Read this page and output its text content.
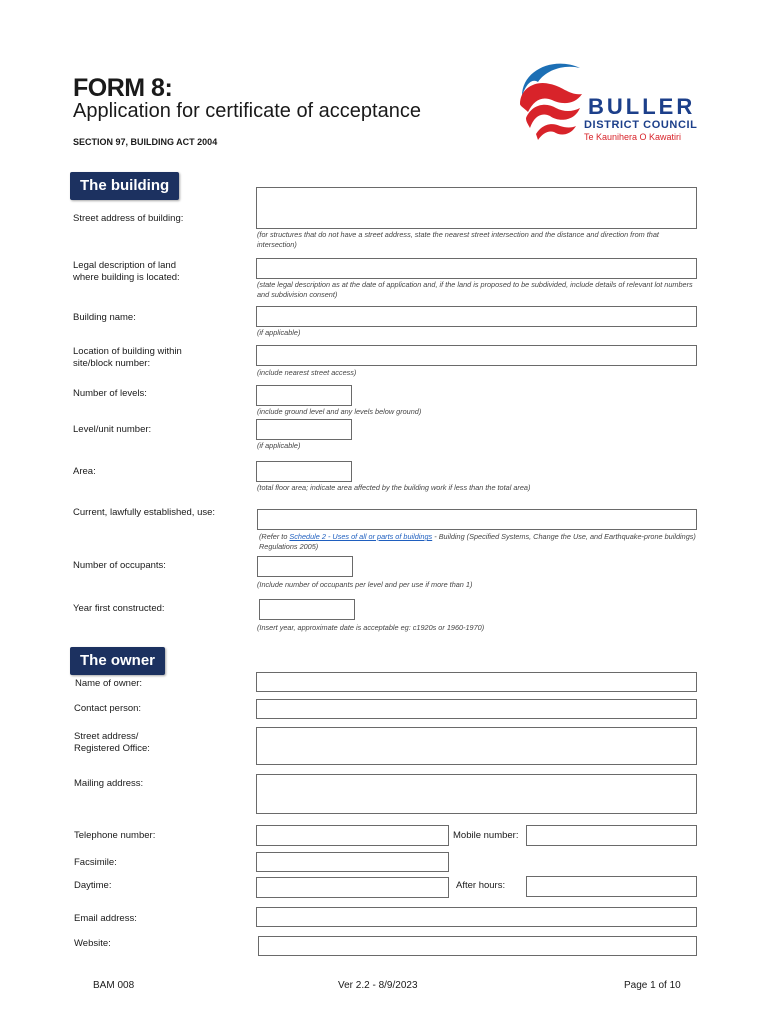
FORM 8:
Application for certificate of acceptance
SECTION 97, BUILDING ACT 2004
BULLER
DISTRICT COUNCIL
Te Kaunihera O Kawatiri
The building
Street address of building:
(for structures that do not have a street address, state the nearest street intersection and the distance and direction from that intersection)
Legal description of land where building is located:
(state legal description as at the date of application and, if the land is proposed to be subdivided, include details of relevant lot numbers and subdivision consent)
Building name:
(if applicable)
Location of building within site/block number:
(include nearest street access)
Number of levels:
(include ground level and any levels below ground)
Level/unit number:
(if applicable)
Area:
(total floor area; indicate area affected by the building work if less than the total area)
Current, lawfully established, use:
(Refer to Schedule 2 - Uses of all or parts of buildings - Building (Specified Systems, Change the Use, and Earthquake-prone buildings) Regulations 2005)
Number of occupants:
(Include number of occupants per level and per use if more than 1)
Year first constructed:
(Insert year, approximate date is acceptable eg: c1920s or 1960-1970)
The owner
Name of owner:
Contact person:
Street address/ Registered Office:
Mailing address:
Telephone number:	Mobile number:
Facsimile:
Daytime:	After hours:
Email address:
Website:
BAM 008	Ver 2.2 - 8/9/2023	Page 1 of 10
